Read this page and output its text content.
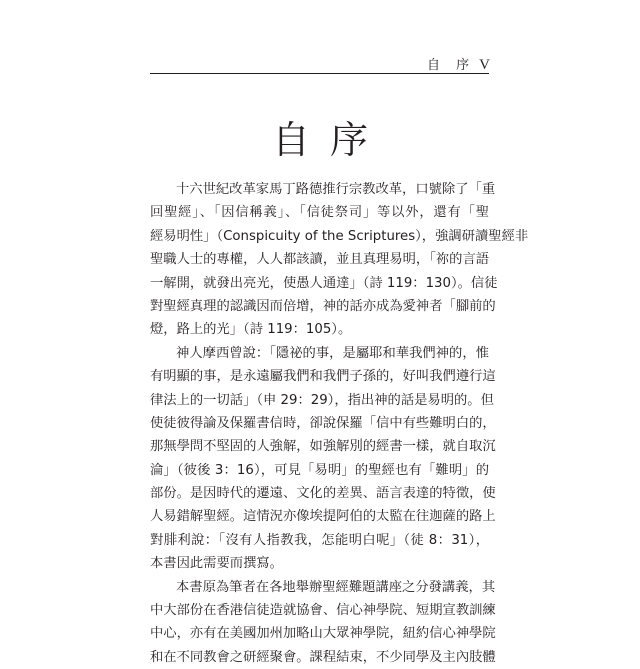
自 序 V
自序
十六世紀改革家馬丁路德推行宗教改革，口號除了「重
回聖經」、「因信稱義」、「信徒祭司」等以外，還有「聖
經易明性」（Conspicuity of the Scriptures），強調研讀聖經非
聖職人士的專權，人人都該讀，並且真理易明，「祢的言語
一解開，就發出亮光，使愚人通達」（詩 119：130）。信徒
對聖經真理的認識因而倍增，神的話亦成為愛神者「腳前的
燈，路上的光」（詩 119：105）。
神人摩西曾說：「隱祕的事，是屬耶和華我們神的，惟
有明顯的事，是永遠屬我們和我們子孫的，好叫我們遵行這
律法上的一切話」（申 29：29），指出神的話是易明的。但
使徒彼得論及保羅書信時，卻說保羅「信中有些難明白的，
那無學問不堅固的人強解，如強解別的經書一樣，就自取沉
淪」（彼後 3：16），可見「易明」的聖經也有「難明」的
部份。是因時代的遷遠、文化的差異、語言表達的特徵，使
人易錯解聖經。這情況亦像埃提阿伯的太監在往迦薩的路上
對腓利說：「沒有人指教我，怎能明白呢」（徒 8：31），
本書因此需要而撰寫。
本書原為筆者在各地舉辦聖經難題講座之分發講義，其
中大部份在香港信徒造就協會、信心神學院、短期宣教訓練
中心，亦有在美國加州加略山大眾神學院，紐約信心神學院
和在不同教會之研經聚會。課程結束，不少同學及主內肢體
